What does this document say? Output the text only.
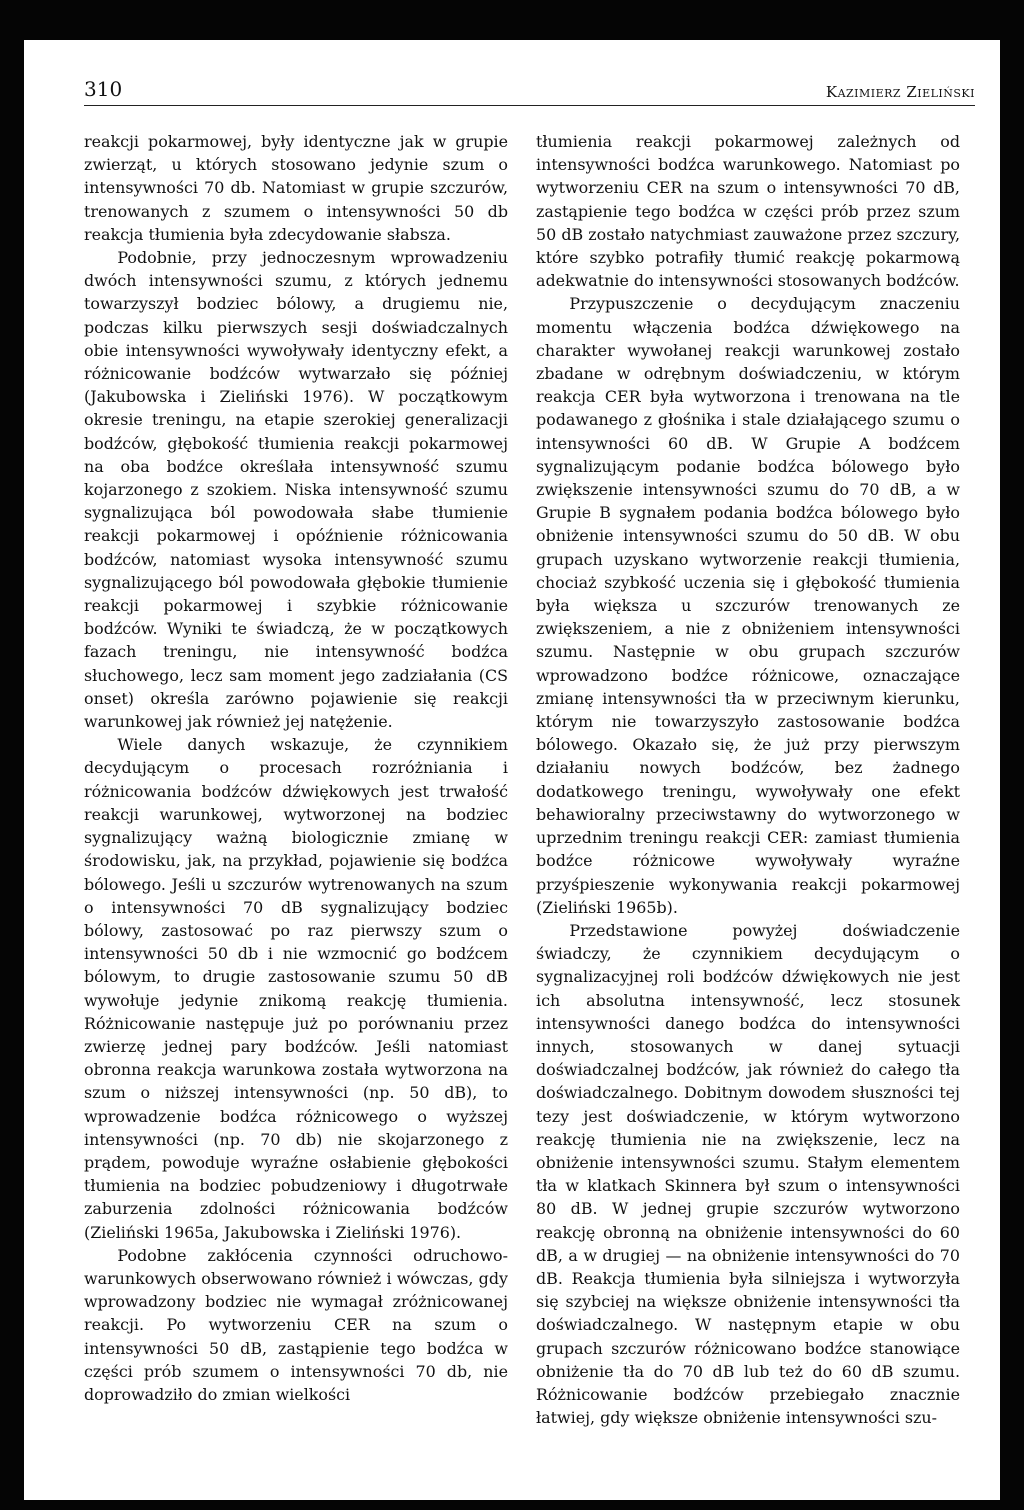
310	Kazimierz Zieliński

reakcji pokarmowej, były identyczne jak w grupie zwierząt, u których stosowano jedynie szum o intensywności 70 db. Natomiast w grupie szczurów, trenowanych z szumem o intensywności 50 db reakcja tłumienia była zdecydowanie słabsza.

Podobnie, przy jednoczesnym wprowadzeniu dwóch intensywności szumu, z których jednemu towarzyszył bodziec bólowy, a drugiemu nie, podczas kilku pierwszych sesji doświadczalnych obie intensywności wywoływały identyczny efekt, a różnicowanie bodźców wytwarzało się później (Jakubowska i Zieliński 1976). W początkowym okresie treningu, na etapie szerokiej generalizacji bodźców, głębokość tłumienia reakcji pokarmowej na oba bodźce określała intensywność szumu kojarzonego z szokiem. Niska intensywność szumu sygnalizująca ból powodowała słabe tłumienie reakcji pokarmowej i opóźnienie różnicowania bodźców, natomiast wysoka intensywność szumu sygnalizującego ból powodowała głębokie tłumienie reakcji pokarmowej i szybkie różnicowanie bodźców. Wyniki te świadczą, że w początkowych fazach treningu, nie intensywność bodźca słuchowego, lecz sam moment jego zadziałania (CS onset) określa zarówno pojawienie się reakcji warunkowej jak również jej natężenie.

Wiele danych wskazuje, że czynnikiem decydującym o procesach rozróżniania i różnicowania bodźców dźwiękowych jest trwałość reakcji warunkowej, wytworzonej na bodziec sygnalizujący ważną biologicznie zmianę w środowisku, jak, na przykład, pojawienie się bodźca bólowego. Jeśli u szczurów wytrenowanych na szum o intensywności 70 dB sygnalizujący bodziec bólowy, zastosować po raz pierwszy szum o intensywności 50 db i nie wzmocnić go bodźcem bólowym, to drugie zastosowanie szumu 50 dB wywołuje jedynie znikomą reakcję tłumienia. Różnicowanie następuje już po porównaniu przez zwierzę jednej pary bodźców. Jeśli natomiast obronna reakcja warunkowa została wytworzona na szum o niższej intensywności (np. 50 dB), to wprowadzenie bodźca różnicowego o wyższej intensywności (np. 70 db) nie skojarzonego z prądem, powoduje wyraźne osłabienie głębokości tłumienia na bodziec pobudzeniowy i długotrwałe zaburzenia zdolności różnicowania bodźców (Zieliński 1965a, Jakubowska i Zieliński 1976).

Podobne zakłócenia czynności odruchowo-warunkowych obserwowano również i wówczas, gdy wprowadzony bodziec nie wymagał zróżnicowanej reakcji. Po wytworzeniu CER na szum o intensywności 50 dB, zastąpienie tego bodźca w części prób szumem o intensywności 70 db, nie doprowadziło do zmian wielkości

tłumienia reakcji pokarmowej zależnych od intensywności bodźca warunkowego. Natomiast po wytworzeniu CER na szum o intensywności 70 dB, zastąpienie tego bodźca w części prób przez szum 50 dB zostało natychmiast zauważone przez szczury, które szybko potrafiły tłumić reakcję pokarmową adekwatnie do intensywności stosowanych bodźców.

Przypuszczenie o decydującym znaczeniu momentu włączenia bodźca dźwiękowego na charakter wywołanej reakcji warunkowej zostało zbadane w odrębnym doświadczeniu, w którym reakcja CER była wytworzona i trenowana na tle podawanego z głośnika i stale działającego szumu o intensywności 60 dB. W Grupie A bodźcem sygnalizującym podanie bodźca bólowego było zwiększenie intensywności szumu do 70 dB, a w Grupie B sygnałem podania bodźca bólowego było obniżenie intensywności szumu do 50 dB. W obu grupach uzyskano wytworzenie reakcji tłumienia, chociaż szybkość uczenia się i głębokość tłumienia była większa u szczurów trenowanych ze zwiększeniem, a nie z obniżeniem intensywności szumu. Następnie w obu grupach szczurów wprowadzono bodźce różnicowe, oznaczające zmianę intensywności tła w przeciwnym kierunku, którym nie towarzyszyło zastosowanie bodźca bólowego. Okazało się, że już przy pierwszym działaniu nowych bodźców, bez żadnego dodatkowego treningu, wywoływały one efekt behawioralny przeciwstawny do wytworzonego w uprzednim treningu reakcji CER: zamiast tłumienia bodźce różnicowe wywoływały wyraźne przyśpieszenie wykonywania reakcji pokarmowej (Zieliński 1965b).

Przedstawione powyżej doświadczenie świadczy, że czynnikiem decydującym o sygnalizacyjnej roli bodźców dźwiękowych nie jest ich absolutna intensywność, lecz stosunek intensywności danego bodźca do intensywności innych, stosowanych w danej sytuacji doświadczalnej bodźców, jak również do całego tła doświadczalnego. Dobitnym dowodem słuszności tej tezy jest doświadczenie, w którym wytworzono reakcję tłumienia nie na zwiększenie, lecz na obniżenie intensywności szumu. Stałym elementem tła w klatkach Skinnera był szum o intensywności 80 dB. W jednej grupie szczurów wytworzono reakcję obronną na obniżenie intensywności do 60 dB, a w drugiej — na obniżenie intensywności do 70 dB. Reakcja tłumienia była silniejsza i wytworzyła się szybciej na większe obniżenie intensywności tła doświadczalnego. W następnym etapie w obu grupach szczurów różnicowano bodźce stanowiące obniżenie tła do 70 dB lub też do 60 dB szumu. Różnicowanie bodźców przebiegało znacznie łatwiej, gdy większe obniżenie intensywności szu-
